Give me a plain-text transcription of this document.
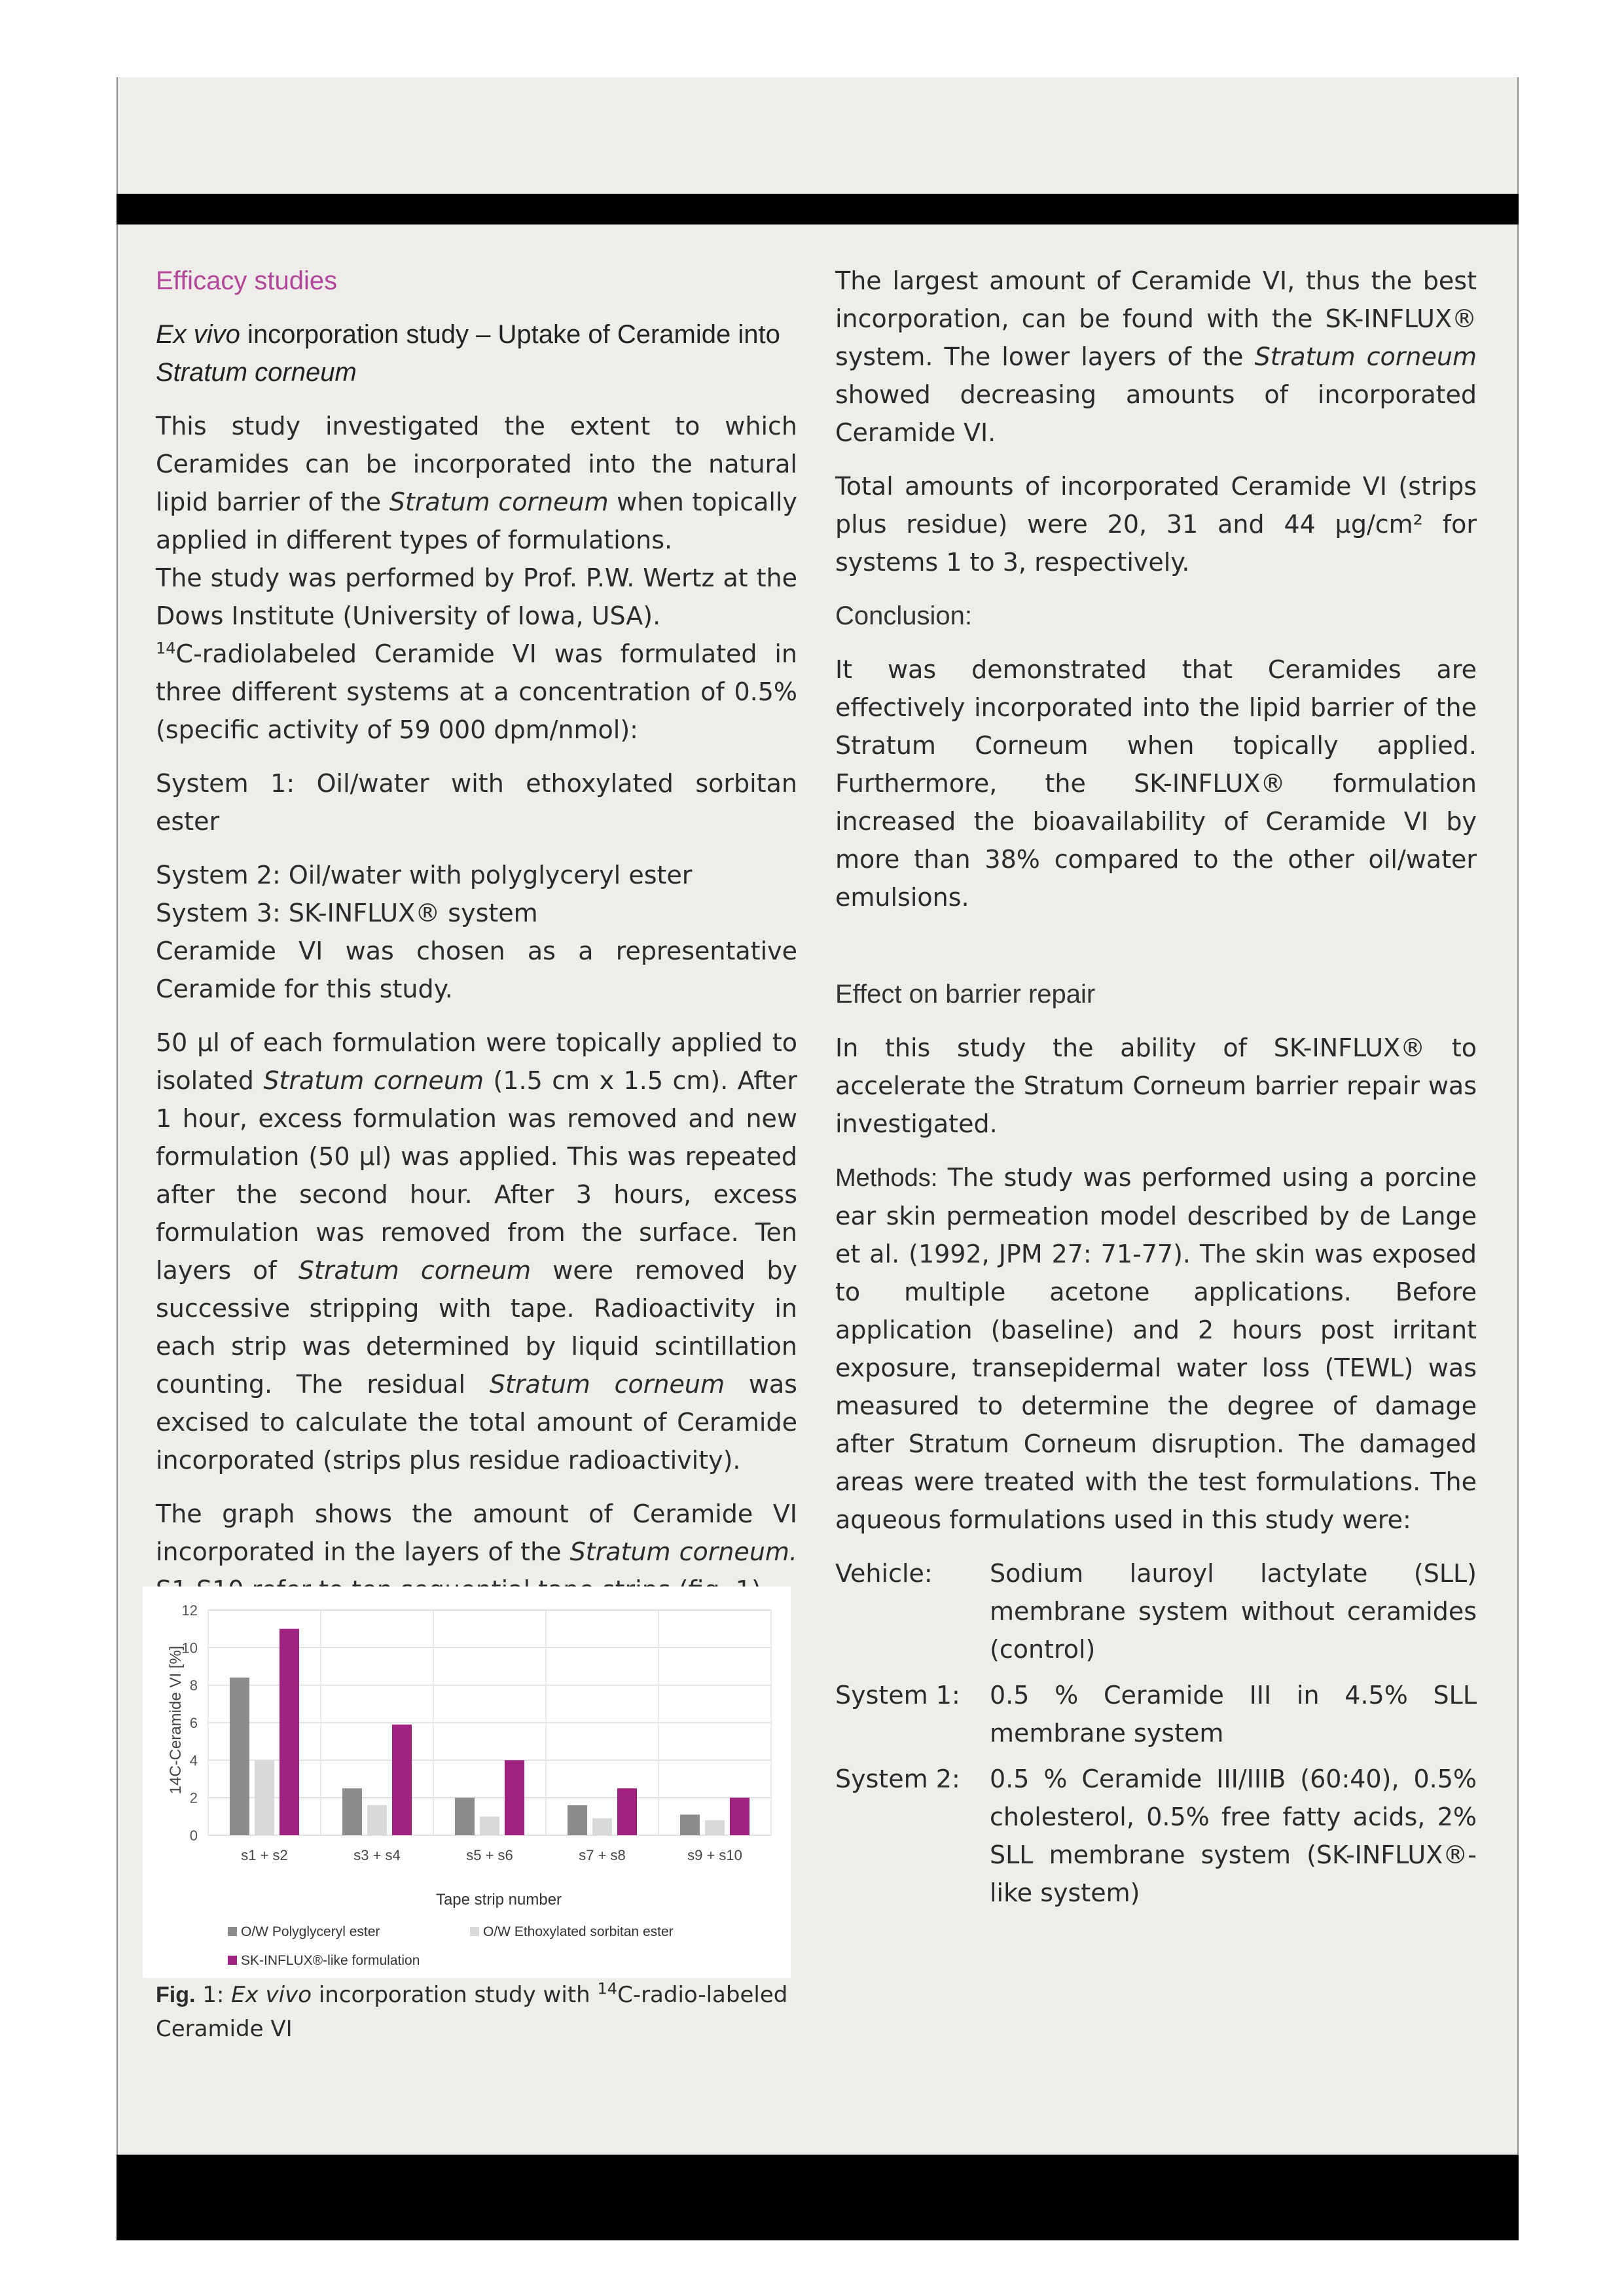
Efficacy studies
Ex vivo incorporation study – Uptake of Ceramide into Stratum corneum

This study investigated the extent to which Ceramides can be incorporated into the natural lipid barrier of the Stratum corneum when topically applied in different types of formulations.

The study was performed by Prof. P.W. Wertz at the Dows Institute (University of Iowa, USA).

$^{14}$C-radiolabeled Ceramide VI was formulated in three different systems at a concentration of 0.5% (specific activity of 59 000 dpm/nmol):

System 1: Oil/water with ethoxylated sorbitan ester

System 2: Oil/water with polyglyceryl ester

System 3: SK-INFLUX® system

Ceramide VI was chosen as a representative Ceramide for this study.

50 µl of each formulation were topically applied to isolated Stratum corneum (1.5 cm x 1.5 cm). After 1 hour, excess formulation was removed and new formulation (50 µl) was applied. This was repeated after the second hour. After 3 hours, excess formulation was removed from the surface. Ten layers of Stratum corneum were removed by successive stripping with tape. Radioactivity in each strip was determined by liquid scintillation counting. The residual Stratum corneum was excised to calculate the total amount of Ceramide incorporated (strips plus residue radioactivity).

The graph shows the amount of Ceramide VI incorporated in the layers of the Stratum corneum.

14C-Ceramide VI [%]
Tape strip number
0
2
4
6
8
10
12
s1 + s2	s3 + s4	s5 + s6	s7 + s8	s9 + s10
O/W Polyglyceryl ester	O/W Ethoxylated sorbitan ester
SK-INFLUX®-like formulation
Fig. 1: Ex vivo incorporation study with $^{14}$C-radio-labeled Ceramide VI

The largest amount of Ceramide VI, thus the best incorporation, can be found with the SK-INFLUX® system. The lower layers of the Stratum corneum showed decreasing amounts of incorporated Ceramide VI.

Total amounts of incorporated Ceramide VI (strips plus residue) were 20, 31 and 44 µg/cm² for systems 1 to 3, respectively.

Conclusion:

It was demonstrated that Ceramides are effectively incorporated into the lipid barrier of the Stratum Corneum when topically applied. Furthermore, the SK-INFLUX® formulation increased the bioavailability of Ceramide VI by more than 38% compared to the other oil/water emulsions.

Effect on barrier repair

In this study the ability of SK-INFLUX® to accelerate the Stratum Corneum barrier repair was investigated.

Methods: The study was performed using a porcine ear skin permeation model described by de Lange et al. (1992, JPM 27: 71-77). The skin was exposed to multiple acetone applications. Before application (baseline) and 2 hours post irritant exposure, transepidermal water loss (TEWL) was measured to determine the degree of damage after Stratum Corneum disruption. The damaged areas were treated with the test formulations. The aqueous formulations used in this study were:

Vehicle:	Sodium lauroyl lactylate (SLL) membrane system without ceramides (control)
System 1:	0.5 % Ceramide III in 4.5% SLL membrane system
System 2:	0.5 % Ceramide III/IIIB (60:40), 0.5% cholesterol, 0.5% free fatty acids, 2% SLL membrane system (SK-INFLUX®-like system)
